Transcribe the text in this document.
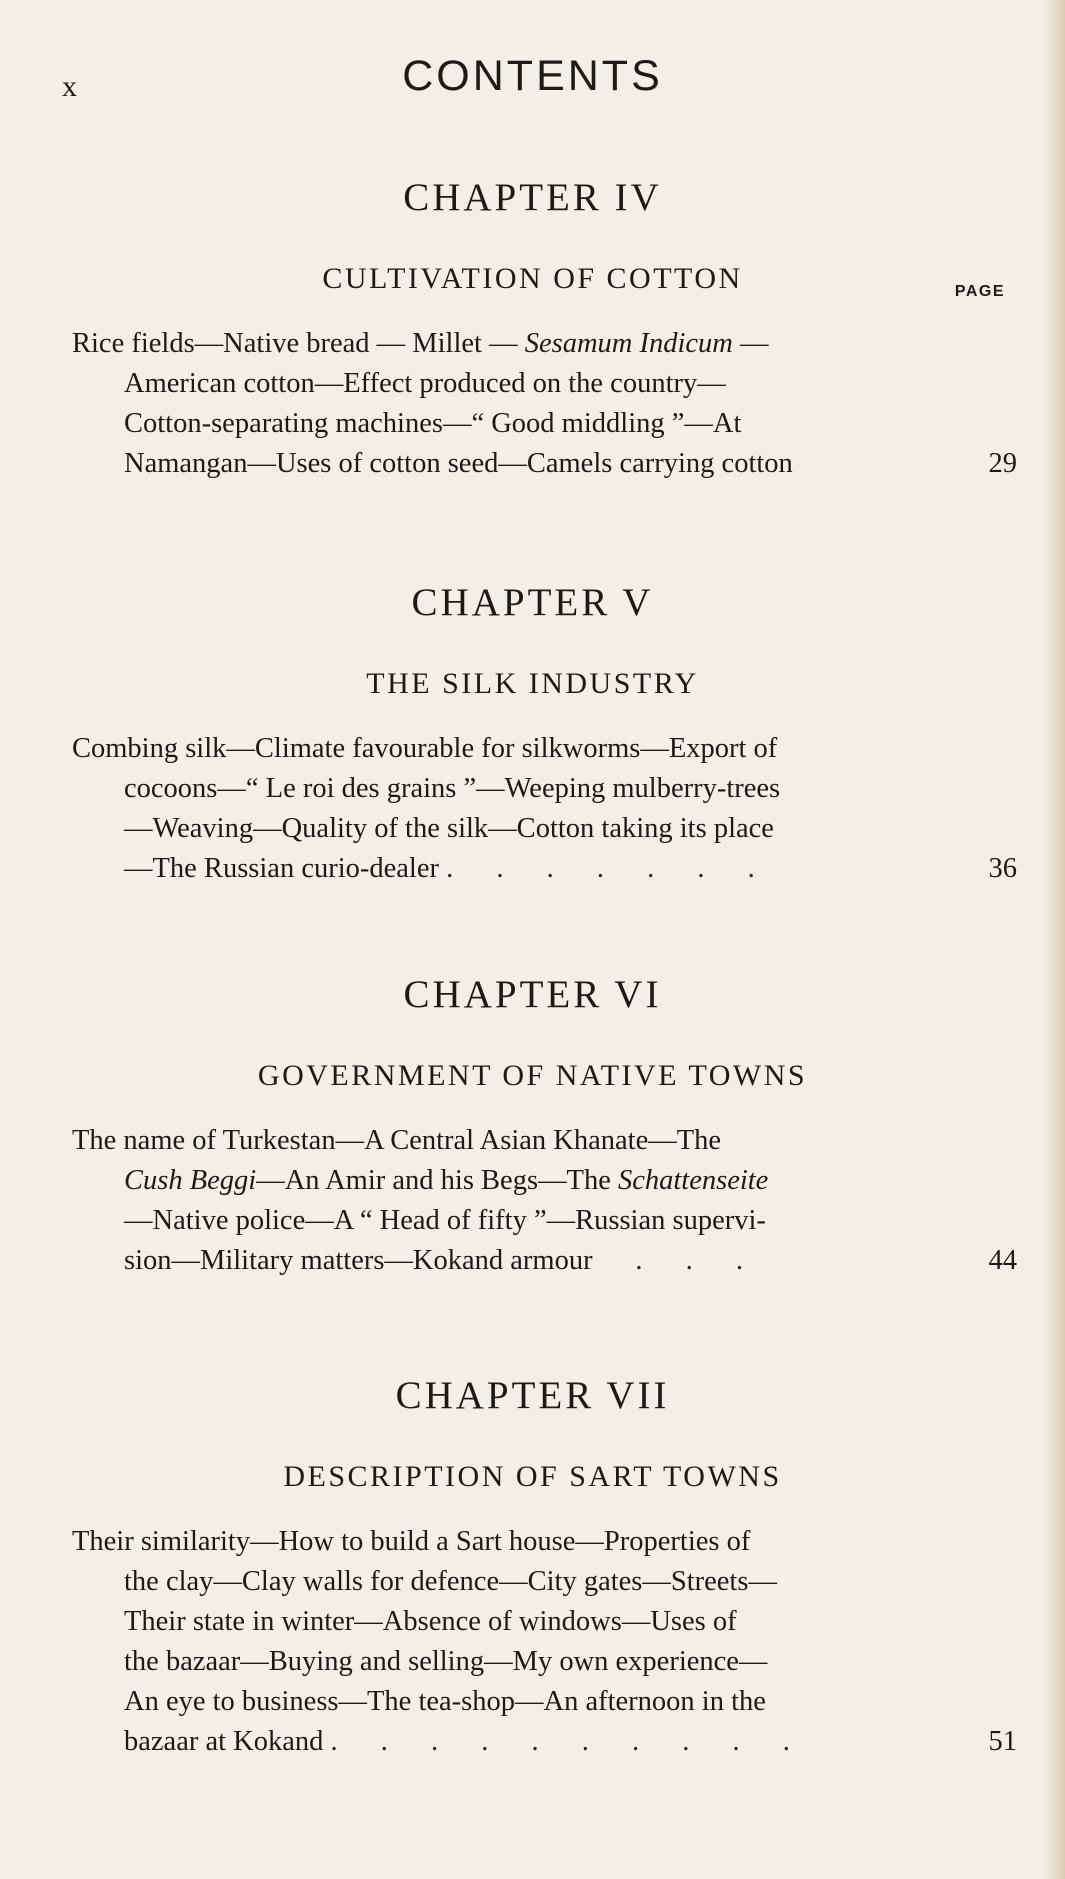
x	CONTENTS
CHAPTER IV
CULTIVATION OF COTTON	PAGE
Rice fields—Native bread — Millet — Sesamum Indicum —
American cotton—Effect produced on the country—
Cotton-separating machines—“ Good middling ”—At
Namangan—Uses of cotton seed—Camels carrying cotton	29
CHAPTER V
THE SILK INDUSTRY
Combing silk—Climate favourable for silkworms—Export of
cocoons—“ Le roi des grains ”—Weeping mulberry-trees
—Weaving—Quality of the silk—Cotton taking its place
—The Russian curio-dealer . . . . . . .	36
CHAPTER VI
GOVERNMENT OF NATIVE TOWNS
The name of Turkestan—A Central Asian Khanate—The
Cush Beggi—An Amir and his Begs—The Schattenseite
—Native police—A “ Head of fifty ”—Russian supervi-
sion—Military matters—Kokand armour . . .	44
CHAPTER VII
DESCRIPTION OF SART TOWNS
Their similarity—How to build a Sart house—Properties of
the clay—Clay walls for defence—City gates—Streets—
Their state in winter—Absence of windows—Uses of
the bazaar—Buying and selling—My own experience—
An eye to business—The tea-shop—An afternoon in the
bazaar at Kokand . . . . . . . . . .	51
